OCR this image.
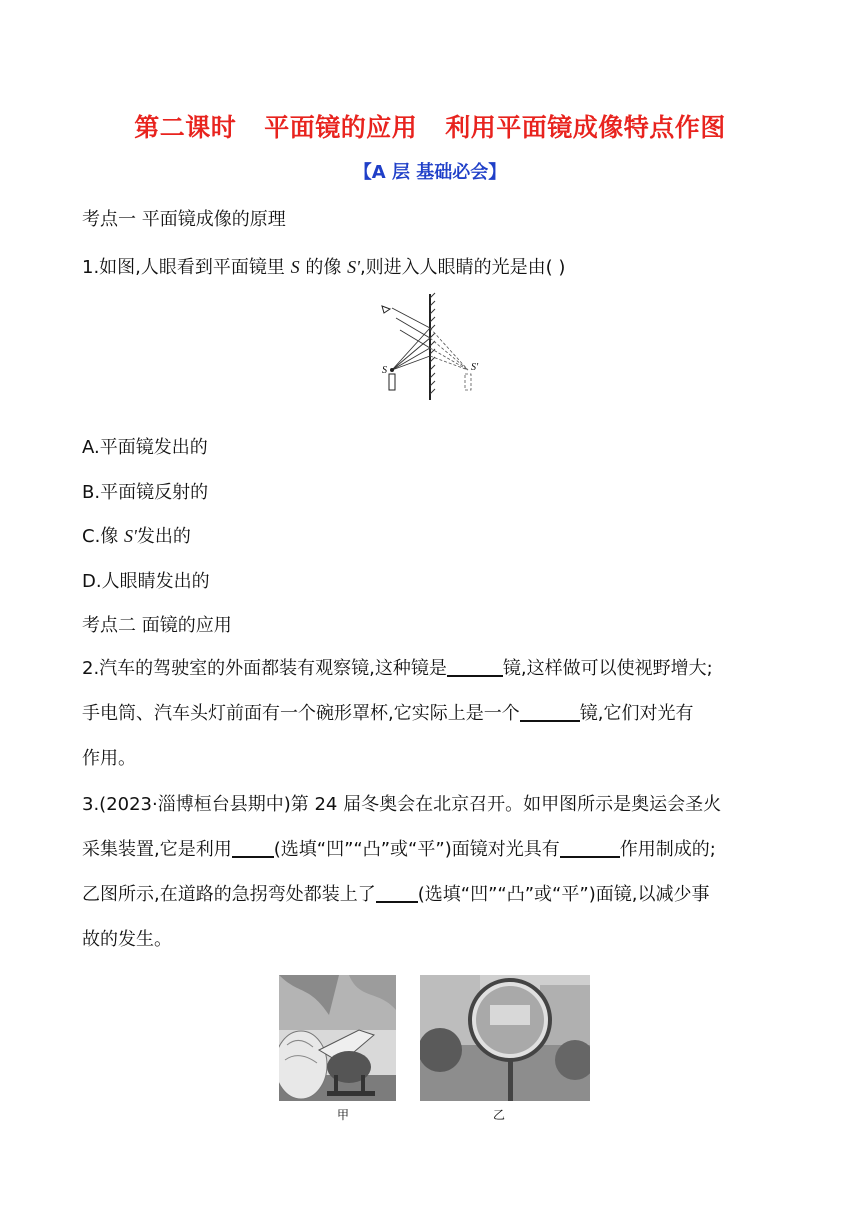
第二课时 平面镜的应用 利用平面镜成像特点作图
【A 层 基础必会】
考点一 平面镜成像的原理
1.如图,人眼看到平面镜里 S 的像 S',则进入人眼睛的光是由( )
S	S'
A.平面镜发出的
B.平面镜反射的
C.像 S'发出的
D.人眼睛发出的
考点二 面镜的应用
2.汽车的驾驶室的外面都装有观察镜,这种镜是	镜,这样做可以使视野增大;
手电筒、汽车头灯前面有一个碗形罩杯,它实际上是一个	镜,它们对光有
作用。
3.(2023·淄博桓台县期中)第 24 届冬奥会在北京召开。如甲图所示是奥运会圣火
采集装置,它是利用 (选填“凹”“凸”或“平”)面镜对光具有	作用制成的;
乙图所示,在道路的急拐弯处都装上了 (选填“凹”“凸”或“平”)面镜,以减少事
故的发生。
甲	乙
